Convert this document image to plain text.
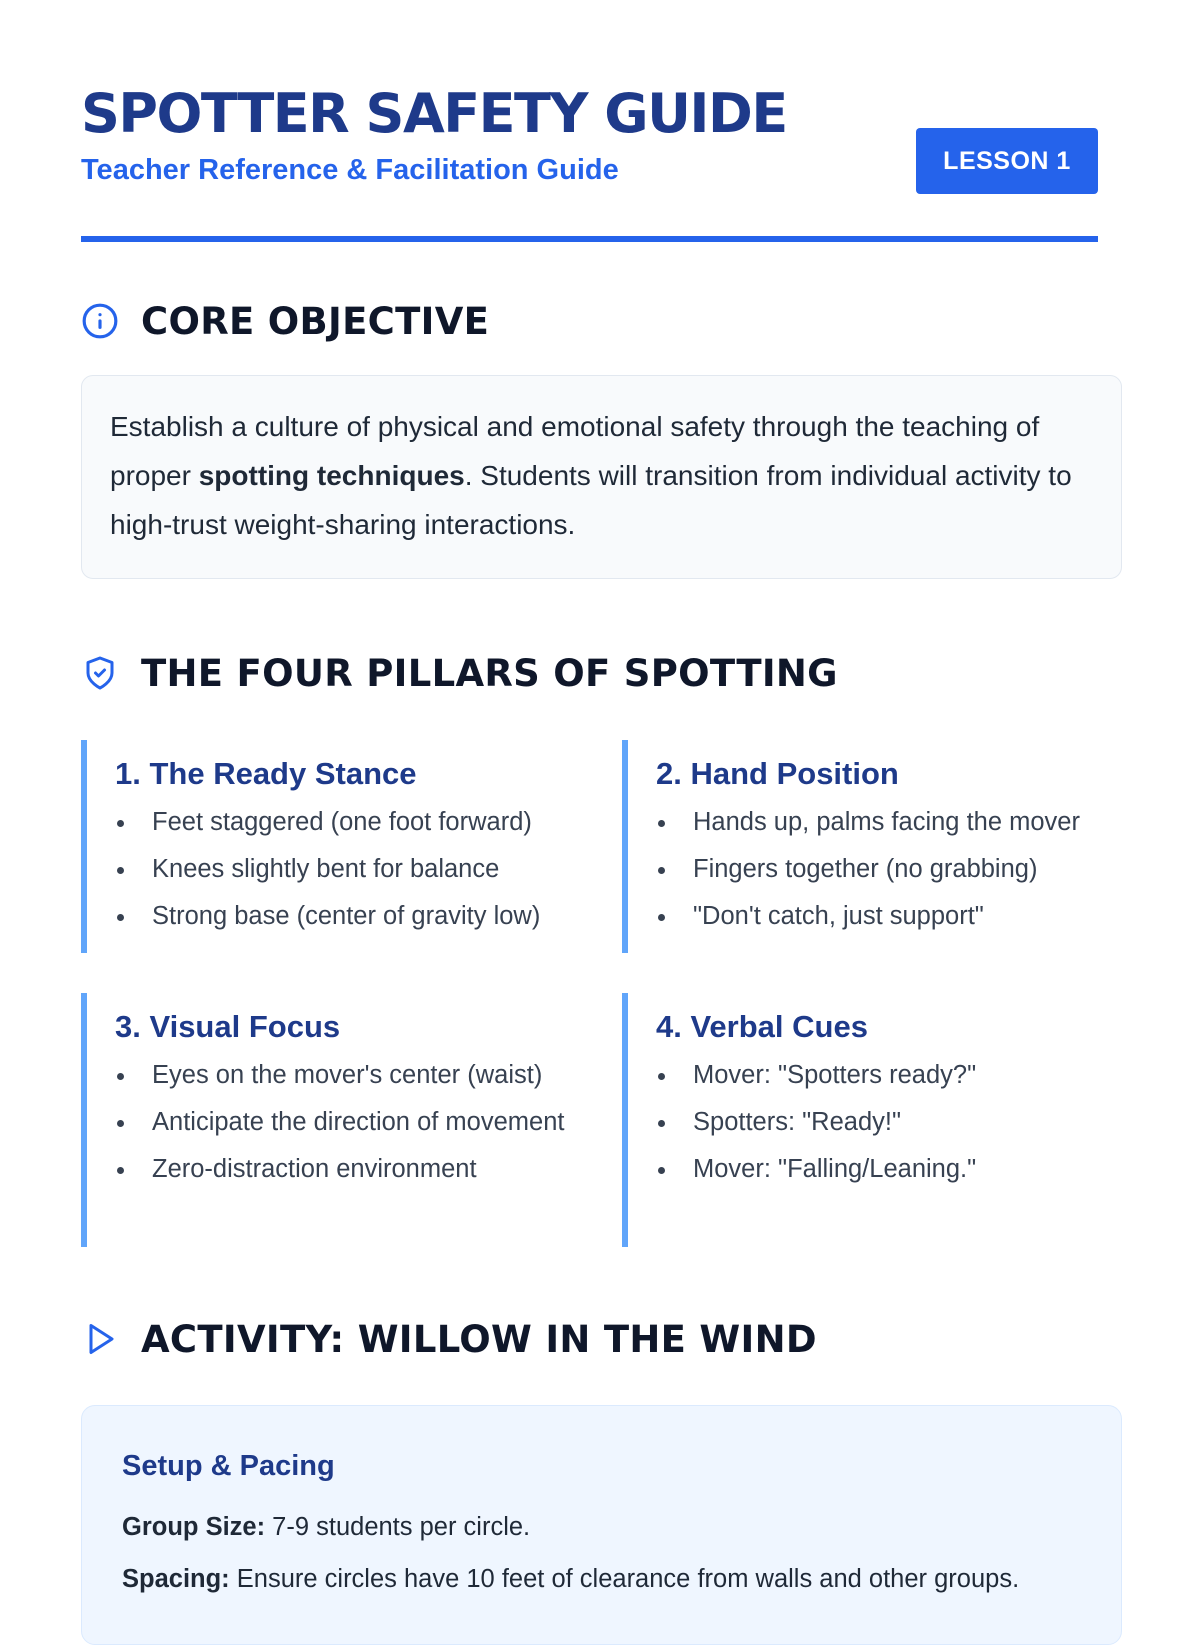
SPOTTER SAFETY GUIDE
Teacher Reference & Facilitation Guide	LESSON 1
CORE OBJECTIVE
Establish a culture of physical and emotional safety through the teaching of proper spotting techniques. Students will transition from individual activity to high-trust weight-sharing interactions.
THE FOUR PILLARS OF SPOTTING
1. The Ready Stance
Feet staggered (one foot forward)
Knees slightly bent for balance
Strong base (center of gravity low)
2. Hand Position
Hands up, palms facing the mover
Fingers together (no grabbing)
"Don't catch, just support"
3. Visual Focus
Eyes on the mover's center (waist)
Anticipate the direction of movement
Zero-distraction environment
4. Verbal Cues
Mover: "Spotters ready?"
Spotters: "Ready!"
Mover: "Falling/Leaning."
ACTIVITY: WILLOW IN THE WIND
Setup & Pacing

Group Size: 7-9 students per circle.

Spacing: Ensure circles have 10 feet of clearance from walls and other groups.
